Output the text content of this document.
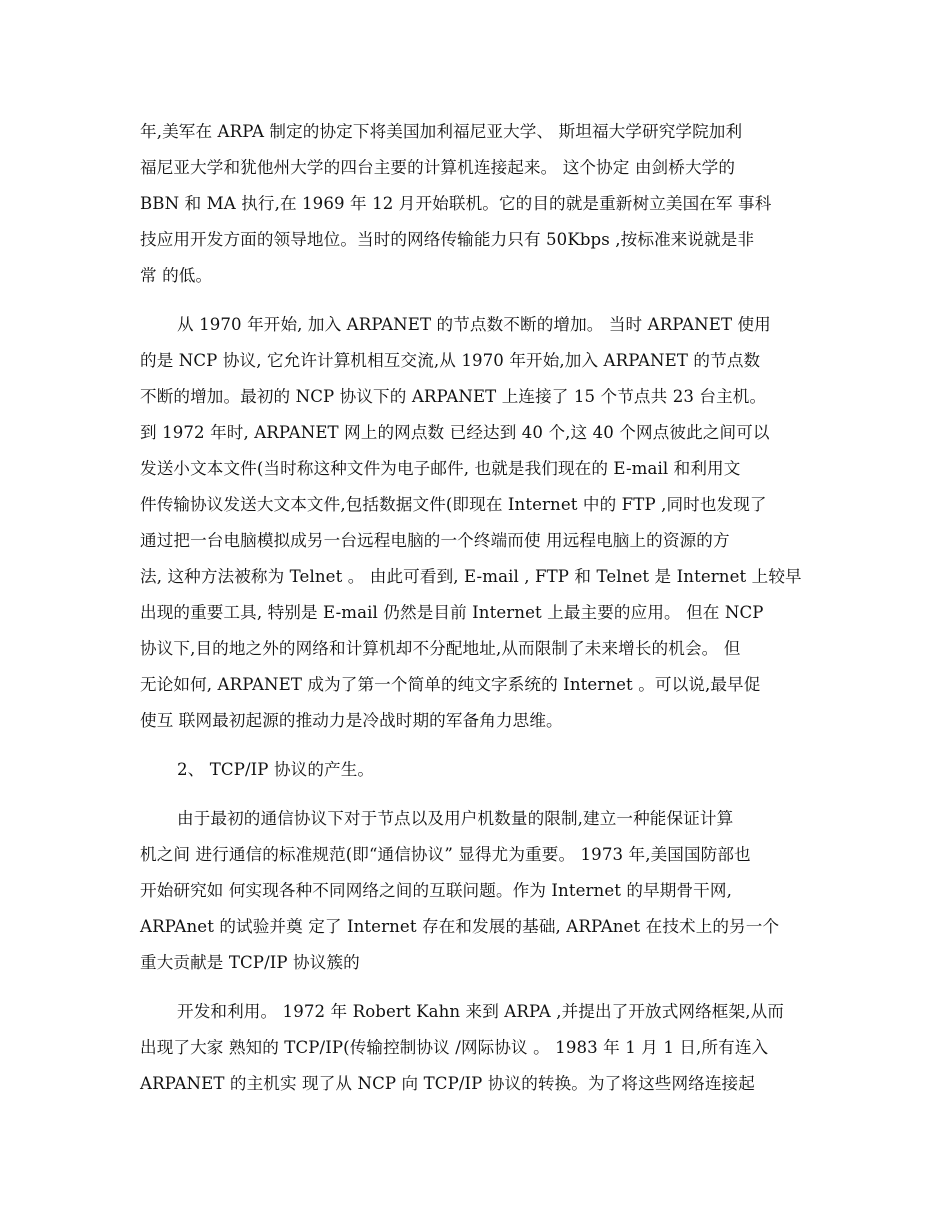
年,美军在 ARPA 制定的协定下将美国加利福尼亚大学、 斯坦福大学研究学院加利
福尼亚大学和犹他州大学的四台主要的计算机连接起来。 这个协定 由剑桥大学的
BBN 和 MA 执行,在 1969 年 12 月开始联机。它的目的就是重新树立美国在军 事科
技应用开发方面的领导地位。当时的网络传输能力只有 50Kbps ,按标准来说就是非
常 的低。
从 1970 年开始, 加入 ARPANET 的节点数不断的增加。 当时 ARPANET 使用
的是 NCP 协议, 它允许计算机相互交流,从 1970 年开始,加入 ARPANET 的节点数
不断的增加。最初的 NCP 协议下的 ARPANET 上连接了 15 个节点共 23 台主机。
到 1972 年时, ARPANET 网上的网点数 已经达到 40 个,这 40 个网点彼此之间可以
发送小文本文件(当时称这种文件为电子邮件, 也就是我们现在的 E-mail 和利用文
件传输协议发送大文本文件,包括数据文件(即现在 Internet 中的 FTP ,同时也发现了
通过把一台电脑模拟成另一台远程电脑的一个终端而使 用远程电脑上的资源的方
法, 这种方法被称为 Telnet 。 由此可看到, E-mail , FTP 和 Telnet 是 Internet 上较早
出现的重要工具, 特别是 E-mail 仍然是目前 Internet 上最主要的应用。 但在 NCP
协议下,目的地之外的网络和计算机却不分配地址,从而限制了未来增长的机会。 但
无论如何, ARPANET 成为了第一个简单的纯文字系统的 Internet 。可以说,最早促
使互 联网最初起源的推动力是冷战时期的军备角力思维。
2、 TCP/IP 协议的产生。
由于最初的通信协议下对于节点以及用户机数量的限制,建立一种能保证计算
机之间 进行通信的标准规范(即“通信协议” 显得尤为重要。 1973 年,美国国防部也
开始研究如 何实现各种不同网络之间的互联问题。作为 Internet 的早期骨干网,
ARPAnet 的试验并奠 定了 Internet 存在和发展的基础, ARPAnet 在技术上的另一个
重大贡献是 TCP/IP 协议簇的
开发和利用。 1972 年 Robert Kahn 来到 ARPA ,并提出了开放式网络框架,从而
出现了大家 熟知的 TCP/IP(传输控制协议 /网际协议 。 1983 年 1 月 1 日,所有连入
ARPANET 的主机实 现了从 NCP 向 TCP/IP 协议的转换。为了将这些网络连接起
